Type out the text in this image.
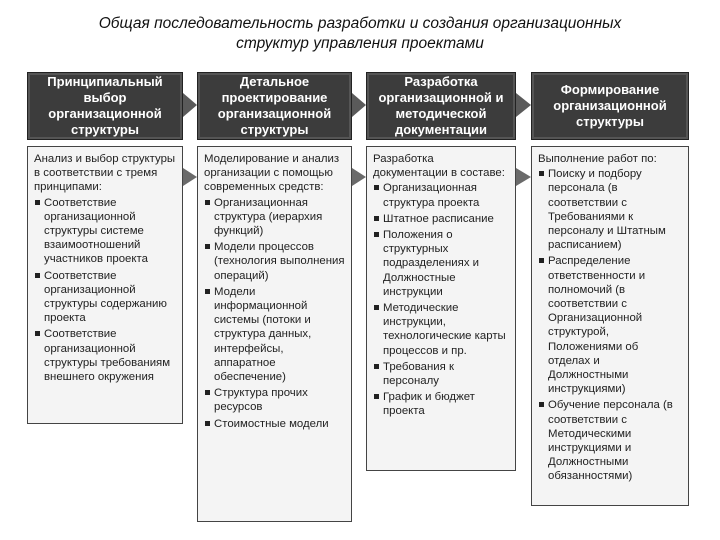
Общая последовательность разработки и создания организационных
структур управления проектами
Принципиальный выбор организационной структуры
Анализ и выбор структуры в соответствии с тремя принципами:
Соответствие организационной структуры системе взаимоотношений участников проекта
Соответствие организационной структуры содержанию проекта
Соответствие организационной структуры требованиям внешнего окружения
Детальное проектирование организационной структуры
Моделирование и анализ организации с помощью современных средств:
Организационная структура (иерархия функций)
Модели процессов (технология выполнения операций)
Модели информационной системы (потоки и структура данных, интерфейсы, аппаратное обеспечение)
Структура прочих ресурсов
Стоимостные модели
Разработка организационной и методической документации
Разработка документации в составе:
Организационная структура проекта
Штатное расписание
Положения о структурных подразделениях и Должностные инструкции
Методические инструкции, технологические карты процессов и пр.
Требования к персоналу
График и бюджет проекта
Формирование организационной структуры
Выполнение работ по:
Поиску и подбору персонала (в соответствии с Требованиями к персоналу и Штатным расписанием)
Распределение ответственности и полномочий (в соответствии с Организационной структурой, Положениями об отделах и Должностными инструкциями)
Обучение персонала (в соответствии с Методическими инструкциями и Должностными обязанностями)
